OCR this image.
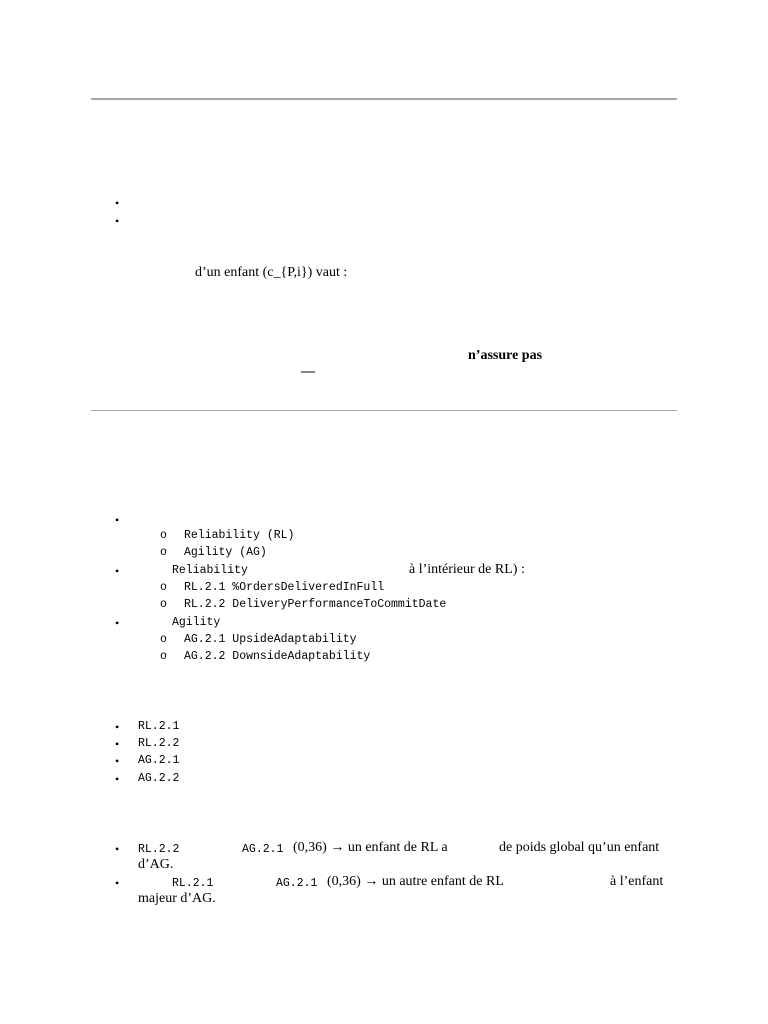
•
•
d’un enfant (c_{P,i}) vaut :
n’assure pas
—
•
o Reliability (RL)
o Agility (AG)
•	Reliability	à l’intérieur de RL) :
o RL.2.1 %OrdersDeliveredInFull
o RL.2.2 DeliveryPerformanceToCommitDate
•	Agility
o AG.2.1 UpsideAdaptability
o AG.2.2 DownsideAdaptability
• RL.2.1
• RL.2.2
• AG.2.1
• AG.2.2
• RL.2.2	AG.2.1 (0,36) → un enfant de RL a	de poids global qu’un enfant
d’AG.
•	RL.2.1	AG.2.1 (0,36) → un autre enfant de RL	à l’enfant
majeur d’AG.
